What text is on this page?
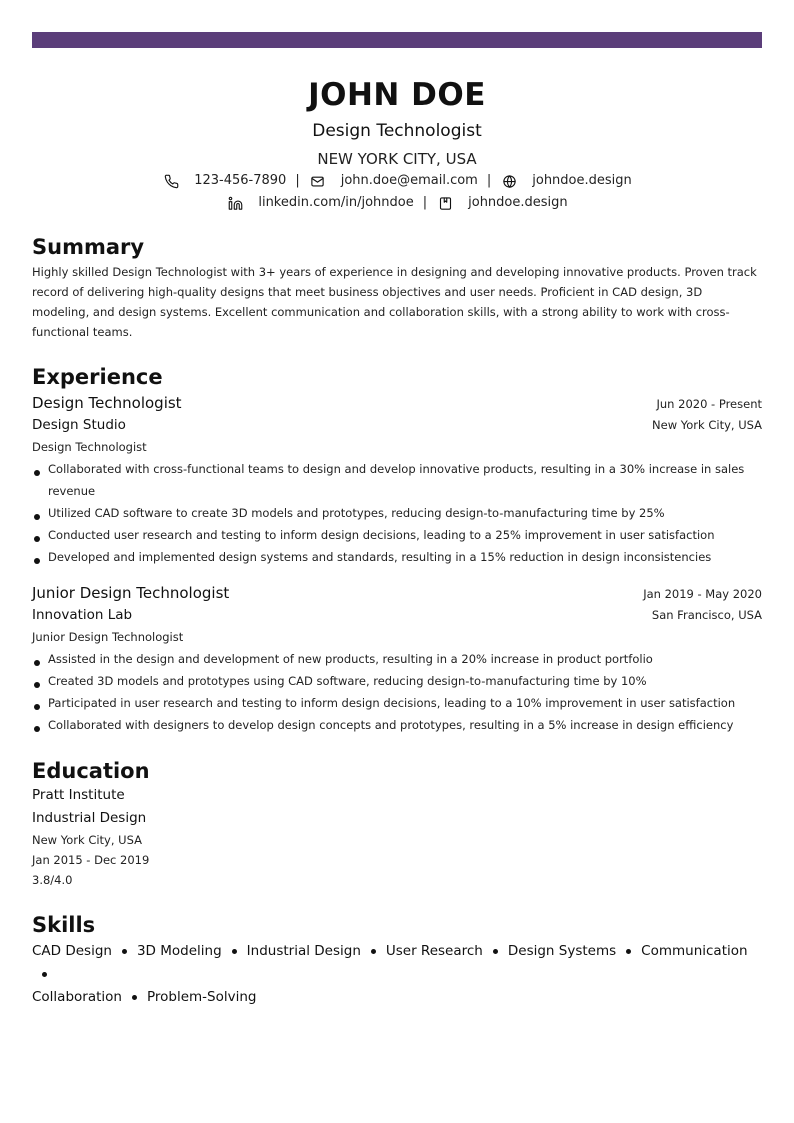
JOHN DOE
Design Technologist
NEW YORK CITY, USA
123-456-7890 |	john.doe@email.com |	johndoe.design
linkedin.com/in/johndoe |	johndoe.design
Summary
Highly skilled Design Technologist with 3+ years of experience in designing and developing innovative products. Proven track record of delivering high-quality designs that meet business objectives and user needs. Proficient in CAD design, 3D modeling, and design systems. Excellent communication and collaboration skills, with a strong ability to work with cross-functional teams.
Experience
Design Technologist	Jun 2020 - Present
Design Studio	New York City, USA
Design Technologist
Collaborated with cross-functional teams to design and develop innovative products, resulting in a 30% increase in sales revenue
Utilized CAD software to create 3D models and prototypes, reducing design-to-manufacturing time by 25%
Conducted user research and testing to inform design decisions, leading to a 25% improvement in user satisfaction
Developed and implemented design systems and standards, resulting in a 15% reduction in design inconsistencies
Junior Design Technologist	Jan 2019 - May 2020
Innovation Lab	San Francisco, USA
Junior Design Technologist
Assisted in the design and development of new products, resulting in a 20% increase in product portfolio
Created 3D models and prototypes using CAD software, reducing design-to-manufacturing time by 10%
Participated in user research and testing to inform design decisions, leading to a 10% improvement in user satisfaction
Collaborated with designers to develop design concepts and prototypes, resulting in a 5% increase in design efficiency
Education
Pratt Institute
Industrial Design
New York City, USA
Jan 2015 - Dec 2019
3.8/4.0
Skills
CAD Design 3D Modeling Industrial Design User Research Design Systems Communication
Collaboration Problem-Solving
